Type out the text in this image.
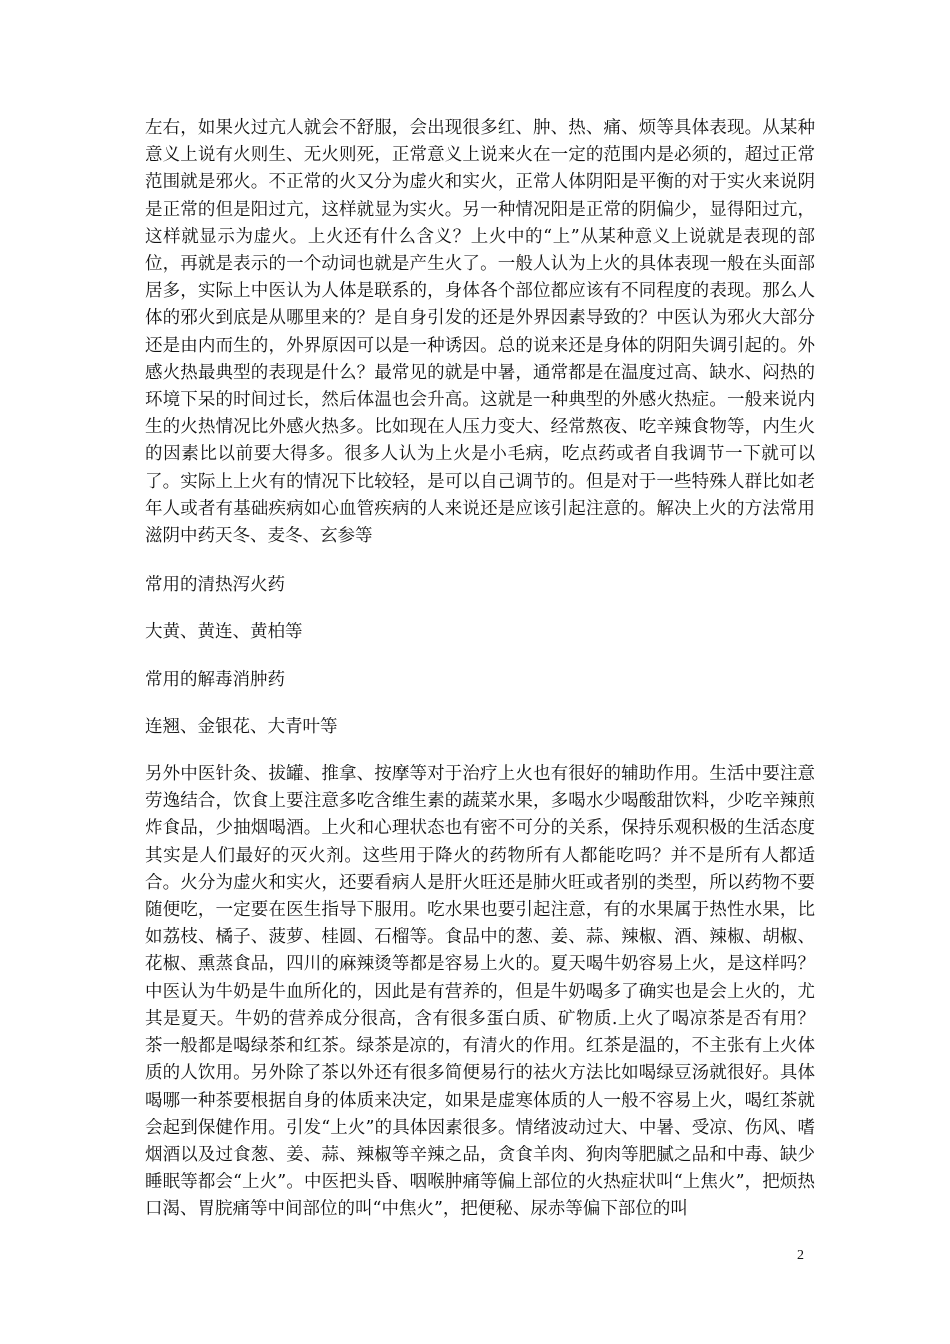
左右，如果火过亢人就会不舒服，会出现很多红、肿、热、痛、烦等具体表现。从某种意义上说有火则生、无火则死，正常意义上说来火在一定的范围内是必须的，超过正常范围就是邪火。不正常的火又分为虚火和实火，正常人体阴阳是平衡的对于实火来说阴是正常的但是阳过亢，这样就显为实火。另一种情况阳是正常的阴偏少，显得阳过亢，这样就显示为虚火。上火还有什么含义？上火中的“上”从某种意义上说就是表现的部位，再就是表示的一个动词也就是产生火了。一般人认为上火的具体表现一般在头面部居多，实际上中医认为人体是联系的，身体各个部位都应该有不同程度的表现。那么人体的邪火到底是从哪里来的？是自身引发的还是外界因素导致的？中医认为邪火大部分还是由内而生的，外界原因可以是一种诱因。总的说来还是身体的阴阳失调引起的。外感火热最典型的表现是什么？最常见的就是中暑，通常都是在温度过高、缺水、闷热的环境下呆的时间过长，然后体温也会升高。这就是一种典型的外感火热症。一般来说内生的火热情况比外感火热多。比如现在人压力变大、经常熬夜、吃辛辣食物等，内生火的因素比以前要大得多。很多人认为上火是小毛病，吃点药或者自我调节一下就可以了。实际上上火有的情况下比较轻，是可以自己调节的。但是对于一些特殊人群比如老年人或者有基础疾病如心血管疾病的人来说还是应该引起注意的。解决上火的方法常用滋阴中药天冬、麦冬、玄参等

常用的清热泻火药

大黄、黄连、黄柏等

常用的解毒消肿药

连翘、金银花、大青叶等

另外中医针灸、拔罐、推拿、按摩等对于治疗上火也有很好的辅助作用。生活中要注意劳逸结合，饮食上要注意多吃含维生素的蔬菜水果，多喝水少喝酸甜饮料，少吃辛辣煎炸食品，少抽烟喝酒。上火和心理状态也有密不可分的关系，保持乐观积极的生活态度其实是人们最好的灭火剂。这些用于降火的药物所有人都能吃吗？并不是所有人都适合。火分为虚火和实火，还要看病人是肝火旺还是肺火旺或者别的类型，所以药物不要随便吃，一定要在医生指导下服用。吃水果也要引起注意，有的水果属于热性水果，比如荔枝、橘子、菠萝、桂圆、石榴等。食品中的葱、姜、蒜、辣椒、酒、辣椒、胡椒、花椒、熏蒸食品，四川的麻辣烫等都是容易上火的。夏天喝牛奶容易上火，是这样吗？中医认为牛奶是牛血所化的，因此是有营养的，但是牛奶喝多了确实也是会上火的，尤其是夏天。牛奶的营养成分很高，含有很多蛋白质、矿物质.上火了喝凉茶是否有用？茶一般都是喝绿茶和红茶。绿茶是凉的，有清火的作用。红茶是温的，不主张有上火体质的人饮用。另外除了茶以外还有很多简便易行的祛火方法比如喝绿豆汤就很好。具体喝哪一种茶要根据自身的体质来决定，如果是虚寒体质的人一般不容易上火，喝红茶就会起到保健作用。引发“上火”的具体因素很多。情绪波动过大、中暑、受凉、伤风、嗜烟酒以及过食葱、姜、蒜、辣椒等辛辣之品，贪食羊肉、狗肉等肥腻之品和中毒、缺少睡眠等都会“上火”。中医把头昏、咽喉肿痛等偏上部位的火热症状叫“上焦火”，把烦热口渴、胃脘痛等中间部位的叫“中焦火”，把便秘、尿赤等偏下部位的叫

2
